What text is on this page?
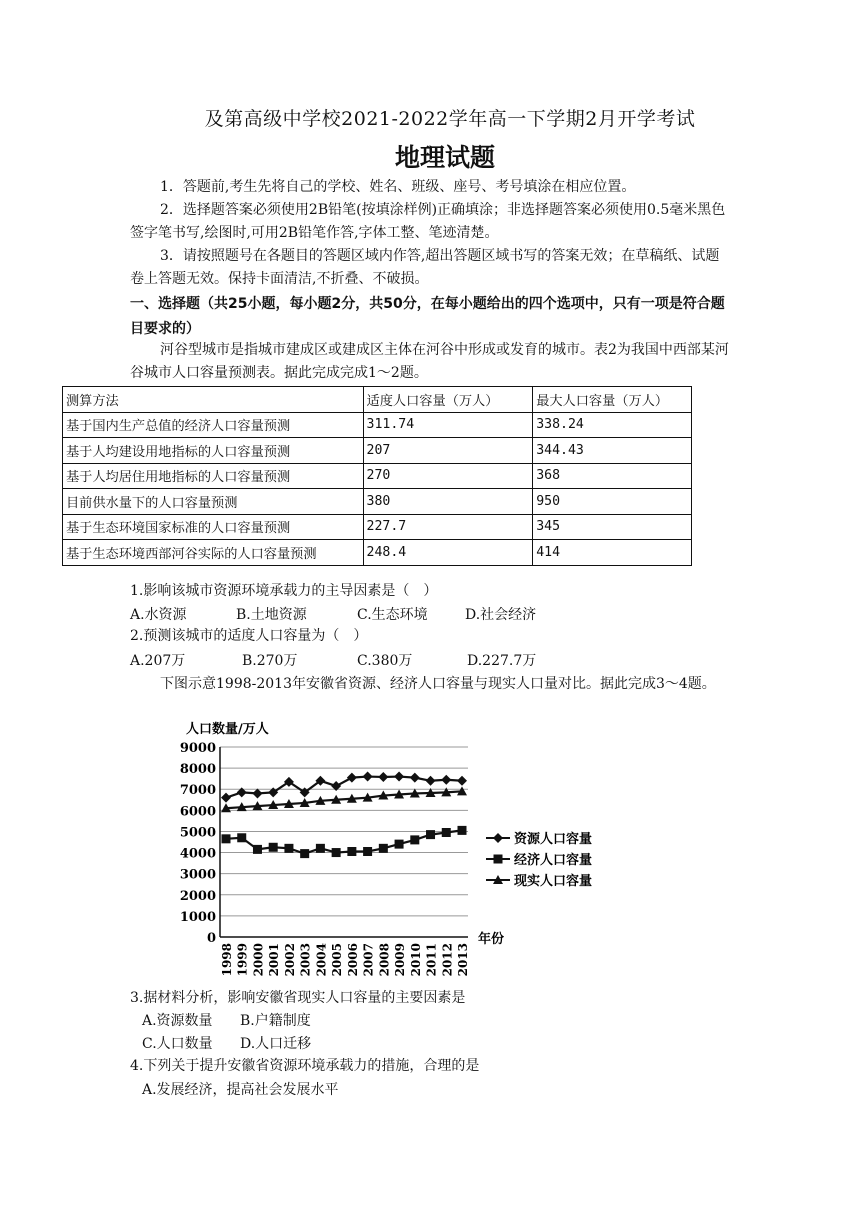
及第高级中学校2021-2022学年高一下学期2月开学考试
地理试题
1．答题前,考生先将自己的学校、姓名、班级、座号、考号填涂在相应位置。
2．选择题答案必须使用2B铅笔(按填涂样例)正确填涂；非选择题答案必须使用0.5毫米黑色签字笔书写,绘图时,可用2B铅笔作答,字体工整、笔迹清楚。
3．请按照题号在各题目的答题区域内作答,超出答题区域书写的答案无效；在草稿纸、试题卷上答题无效。保持卡面清洁,不折叠、不破损。
一、选择题（共25小题，每小题2分，共50分，在每小题给出的四个选项中，只有一项是符合题目要求的）
河谷型城市是指城市建成区或建成区主体在河谷中形成或发育的城市。表2为我国中西部某河谷城市人口容量预测表。据此完成完成1～2题。
测算方法	适度人口容量（万人）	最大人口容量（万人）
基于国内生产总值的经济人口容量预测	311.74	338.24
基于人均建设用地指标的人口容量预测	207	344.43
基于人均居住用地指标的人口容量预测	270	368
目前供水量下的人口容量预测	380	950
基于生态环境国家标准的人口容量预测	227.7	345
基于生态环境西部河谷实际的人口容量预测	248.4	414
1.影响该城市资源环境承载力的主导因素是（　）
A.水资源	B.土地资源	C.生态环境	D.社会经济
2.预测该城市的适度人口容量为（　）
A.207万	B.270万	C.380万	D.227.7万
下图示意1998-2013年安徽省资源、经济人口容量与现实人口量对比。据此完成3～4题。
人口数量/万人
0
1000
2000
3000
4000
5000
6000
7000
8000
9000
1998 1999 2000 2001 2002 2003 2004 2005 2006 2007 2008 2009 2010 2011 2012 2013
年份
资源人口容量
经济人口容量
现实人口容量
3.据材料分析，影响安徽省现实人口容量的主要因素是
A.资源数量 B.户籍制度
C.人口数量 D.人口迁移
4.下列关于提升安徽省资源环境承载力的措施，合理的是
A.发展经济，提高社会发展水平
